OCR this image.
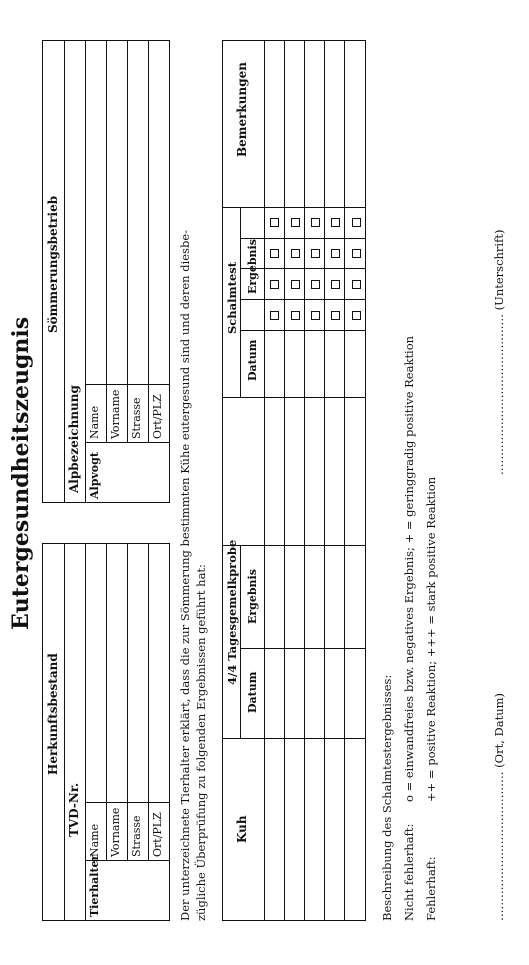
Eutergesundheitszeugnis
Herkunftsbestand
TVD-Nr.
Tierhalter
Name Vorname Strasse Ort/PLZ
Sömmerungsbetrieb
Alpbezeichnung Alpvogt
Name Vorname Strasse Ort/PLZ Der unterzeichnete Tierhalter erklärt, dass die zur Sömmerung bestimmten Kühe eutergesund sind und deren diesbe- zügliche Überprüfung zu folgenden Ergebnissen geführt hat: Kuh
4/4 Tagesgemelkprobe
Datum
Ergebnis
Schalmtest
Datum
Ergebnis
Bemerkungen
Beschreibung des Schalmtestergebnisses: Nicht fehlerhaft:
o = einwandfreies bzw. negatives Ergebnis; + = geringgradig positive Reaktion
Fehlerhaft:
++ = positive Reaktion; +++ = stark positive Reaktion
………………………………… (Ort, Datum)
…………………………………… (Unterschrift)
